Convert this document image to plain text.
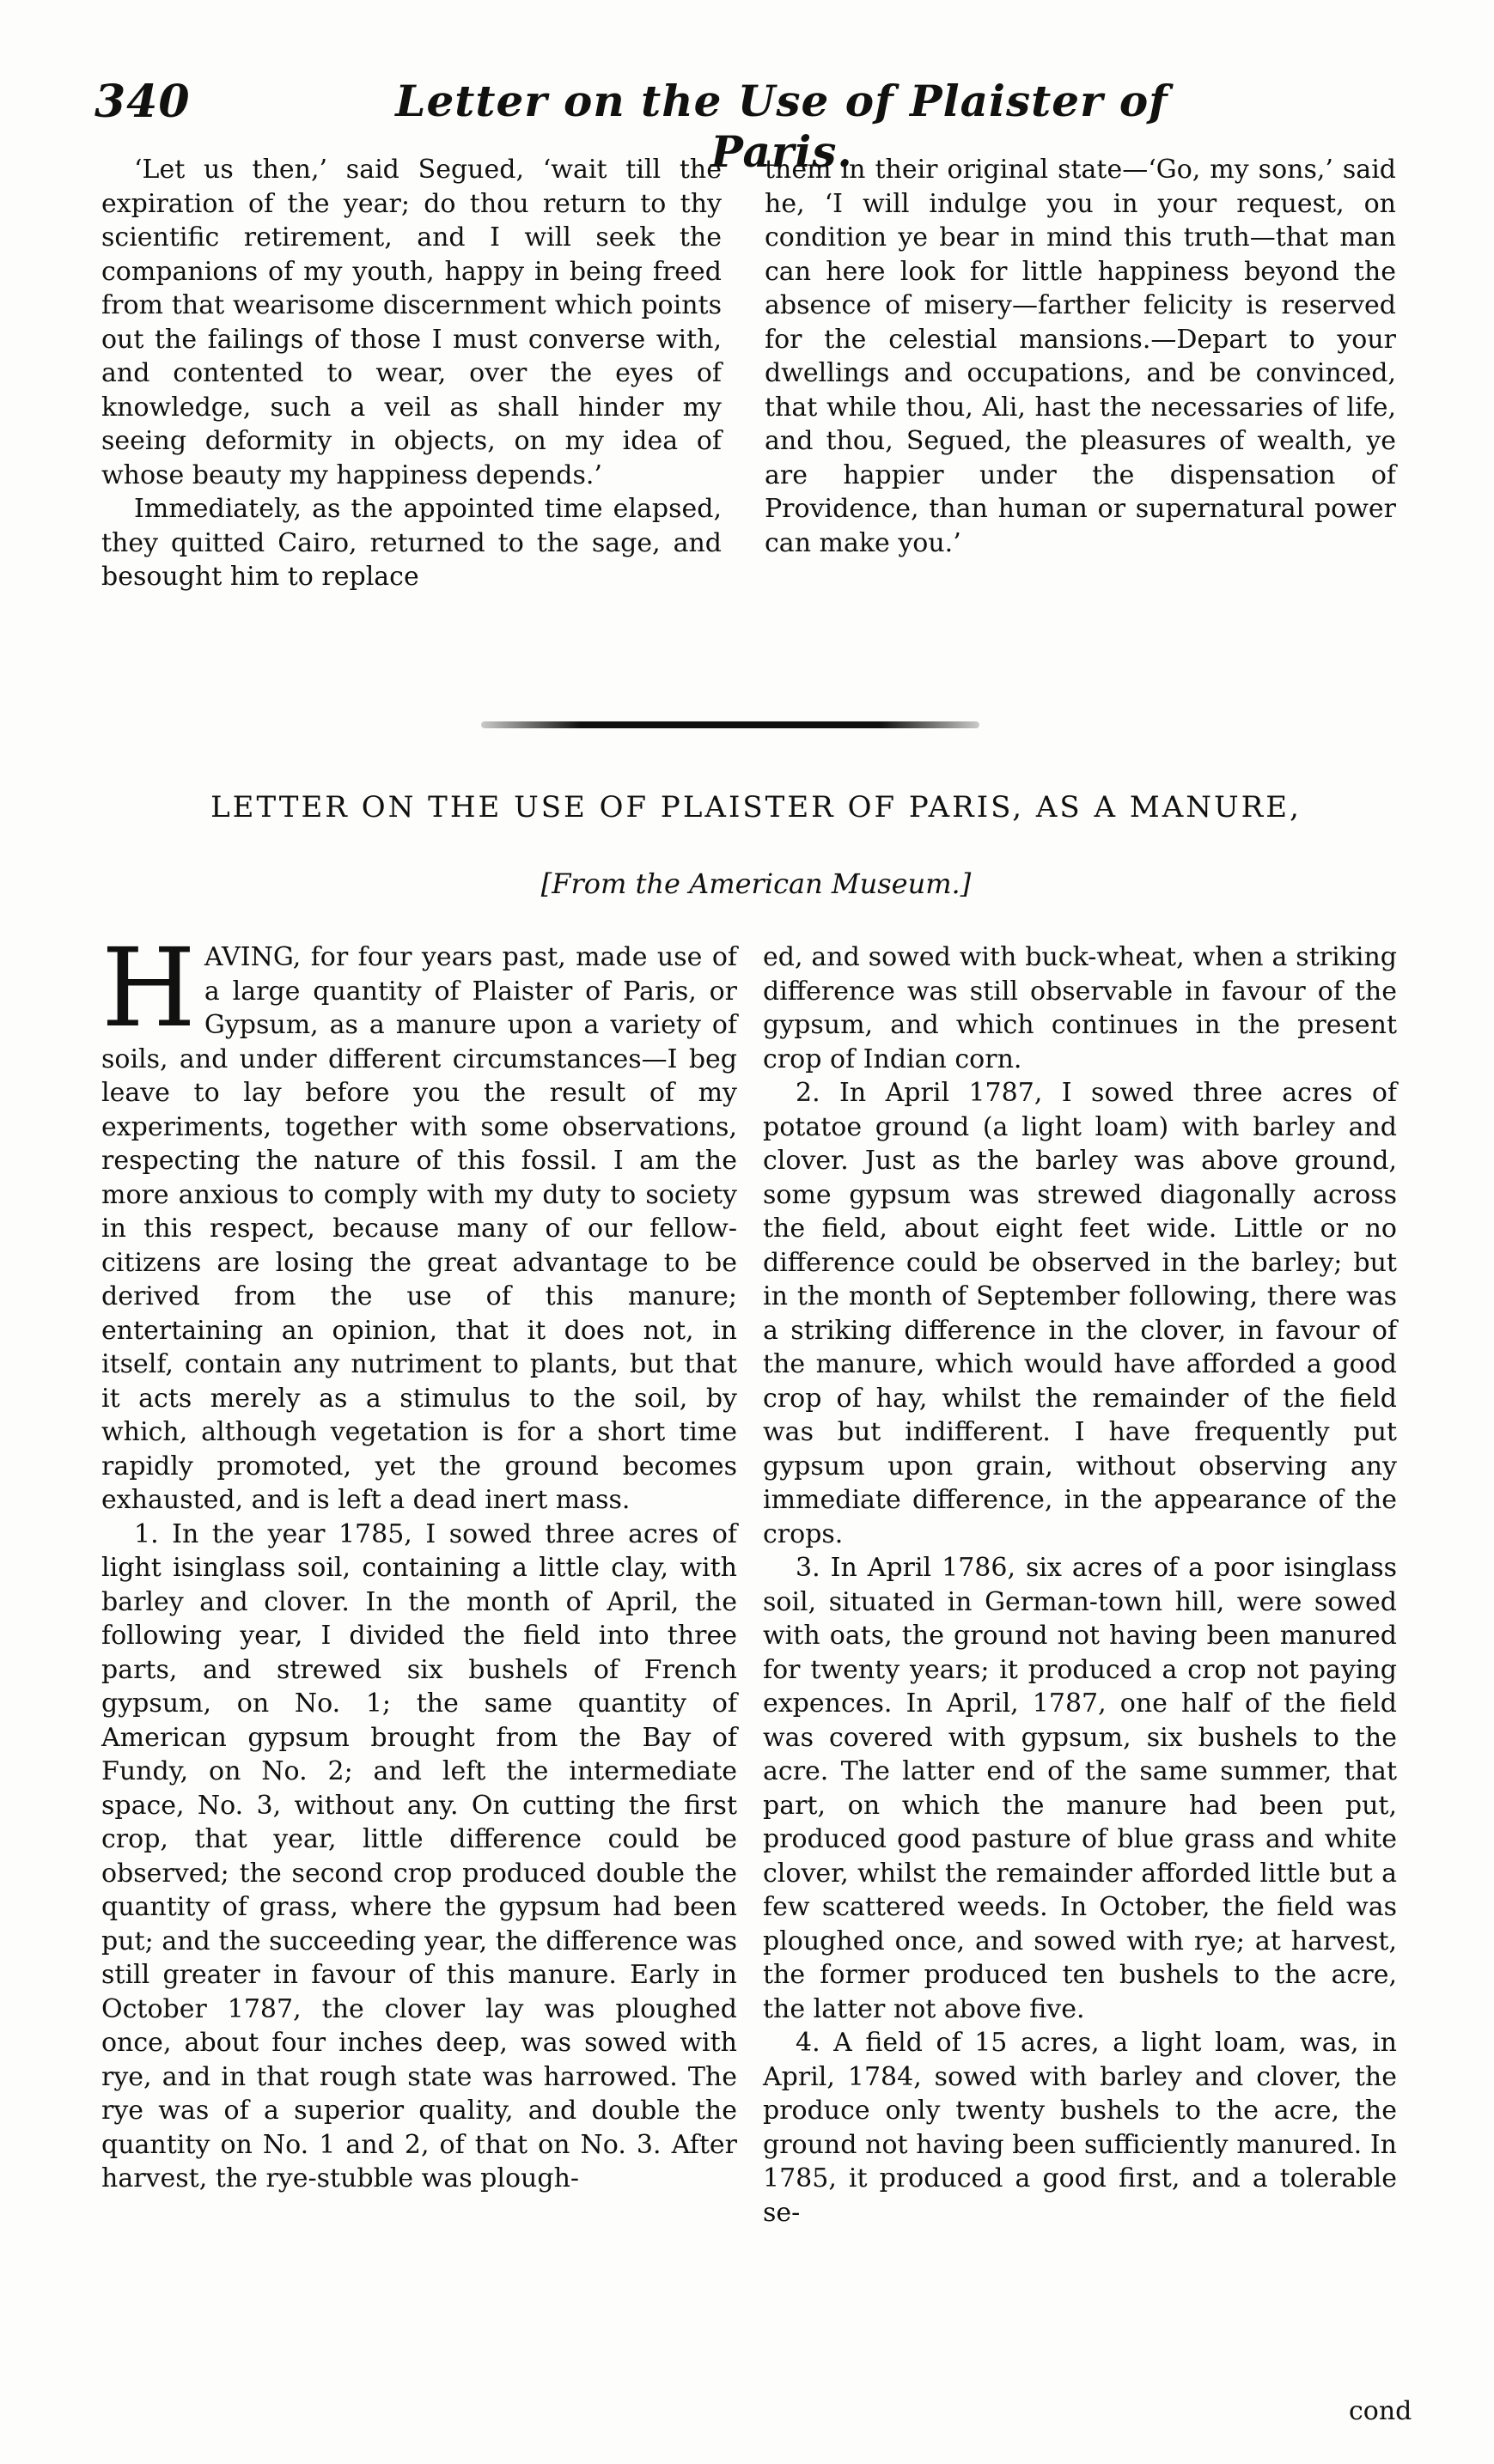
340	Letter on the Use of Plaister of Paris.

‘Let us then,’ said Segued, ‘wait till the expiration of the year; do thou return to thy scientific retirement, and I will seek the companions of my youth, happy in being freed from that wearisome discernment which points out the failings of those I must converse with, and contented to wear, over the eyes of knowledge, such a veil as shall hinder my seeing deformity in objects, on my idea of whose beauty my happiness depends.’

Immediately, as the appointed time elapsed, they quitted Cairo, returned to the sage, and besought him to replace

them in their original state—‘Go, my sons,’ said he, ‘I will indulge you in your request, on condition ye bear in mind this truth—that man can here look for little happiness beyond the absence of misery—farther felicity is reserved for the celestial mansions.—Depart to your dwellings and occupations, and be convinced, that while thou, Ali, hast the necessaries of life, and thou, Segued, the pleasures of wealth, ye are happier under the dispensation of Providence, than human or supernatural power can make you.’

LETTER ON THE USE OF PLAISTER OF PARIS, AS A MANURE,
[From the American Museum.]

HAVING, for four years past, made use of a large quantity of Plaister of Paris, or Gypsum, as a manure upon a variety of soils, and under different circumstances—I beg leave to lay before you the result of my experiments, together with some observations, respecting the nature of this fossil. I am the more anxious to comply with my duty to society in this respect, because many of our fellow-citizens are losing the great advantage to be derived from the use of this manure; entertaining an opinion, that it does not, in itself, contain any nutriment to plants, but that it acts merely as a stimulus to the soil, by which, although vegetation is for a short time rapidly promoted, yet the ground becomes exhausted, and is left a dead inert mass.

1. In the year 1785, I sowed three acres of light isinglass soil, containing a little clay, with barley and clover. In the month of April, the following year, I divided the field into three parts, and strewed six bushels of French gypsum, on No. 1; the same quantity of American gypsum brought from the Bay of Fundy, on No. 2; and left the intermediate space, No. 3, without any. On cutting the first crop, that year, little difference could be observed; the second crop produced double the quantity of grass, where the gypsum had been put; and the succeeding year, the difference was still greater in favour of this manure. Early in October 1787, the clover lay was ploughed once, about four inches deep, was sowed with rye, and in that rough state was harrowed. The rye was of a superior quality, and double the quantity on No. 1 and 2, of that on No. 3. After harvest, the rye-stubble was plough-

ed, and sowed with buck-wheat, when a striking difference was still observable in favour of the gypsum, and which continues in the present crop of Indian corn.

2. In April 1787, I sowed three acres of potatoe ground (a light loam) with barley and clover. Just as the barley was above ground, some gypsum was strewed diagonally across the field, about eight feet wide. Little or no difference could be observed in the barley; but in the month of September following, there was a striking difference in the clover, in favour of the manure, which would have afforded a good crop of hay, whilst the remainder of the field was but indifferent. I have frequently put gypsum upon grain, without observing any immediate difference, in the appearance of the crops.

3. In April 1786, six acres of a poor isinglass soil, situated in German-town hill, were sowed with oats, the ground not having been manured for twenty years; it produced a crop not paying expences. In April, 1787, one half of the field was covered with gypsum, six bushels to the acre. The latter end of the same summer, that part, on which the manure had been put, produced good pasture of blue grass and white clover, whilst the remainder afforded little but a few scattered weeds. In October, the field was ploughed once, and sowed with rye; at harvest, the former produced ten bushels to the acre, the latter not above five.

4. A field of 15 acres, a light loam, was, in April, 1784, sowed with barley and clover, the produce only twenty bushels to the acre, the ground not having been sufficiently manured. In 1785, it produced a good first, and a tolerable se-

cond
